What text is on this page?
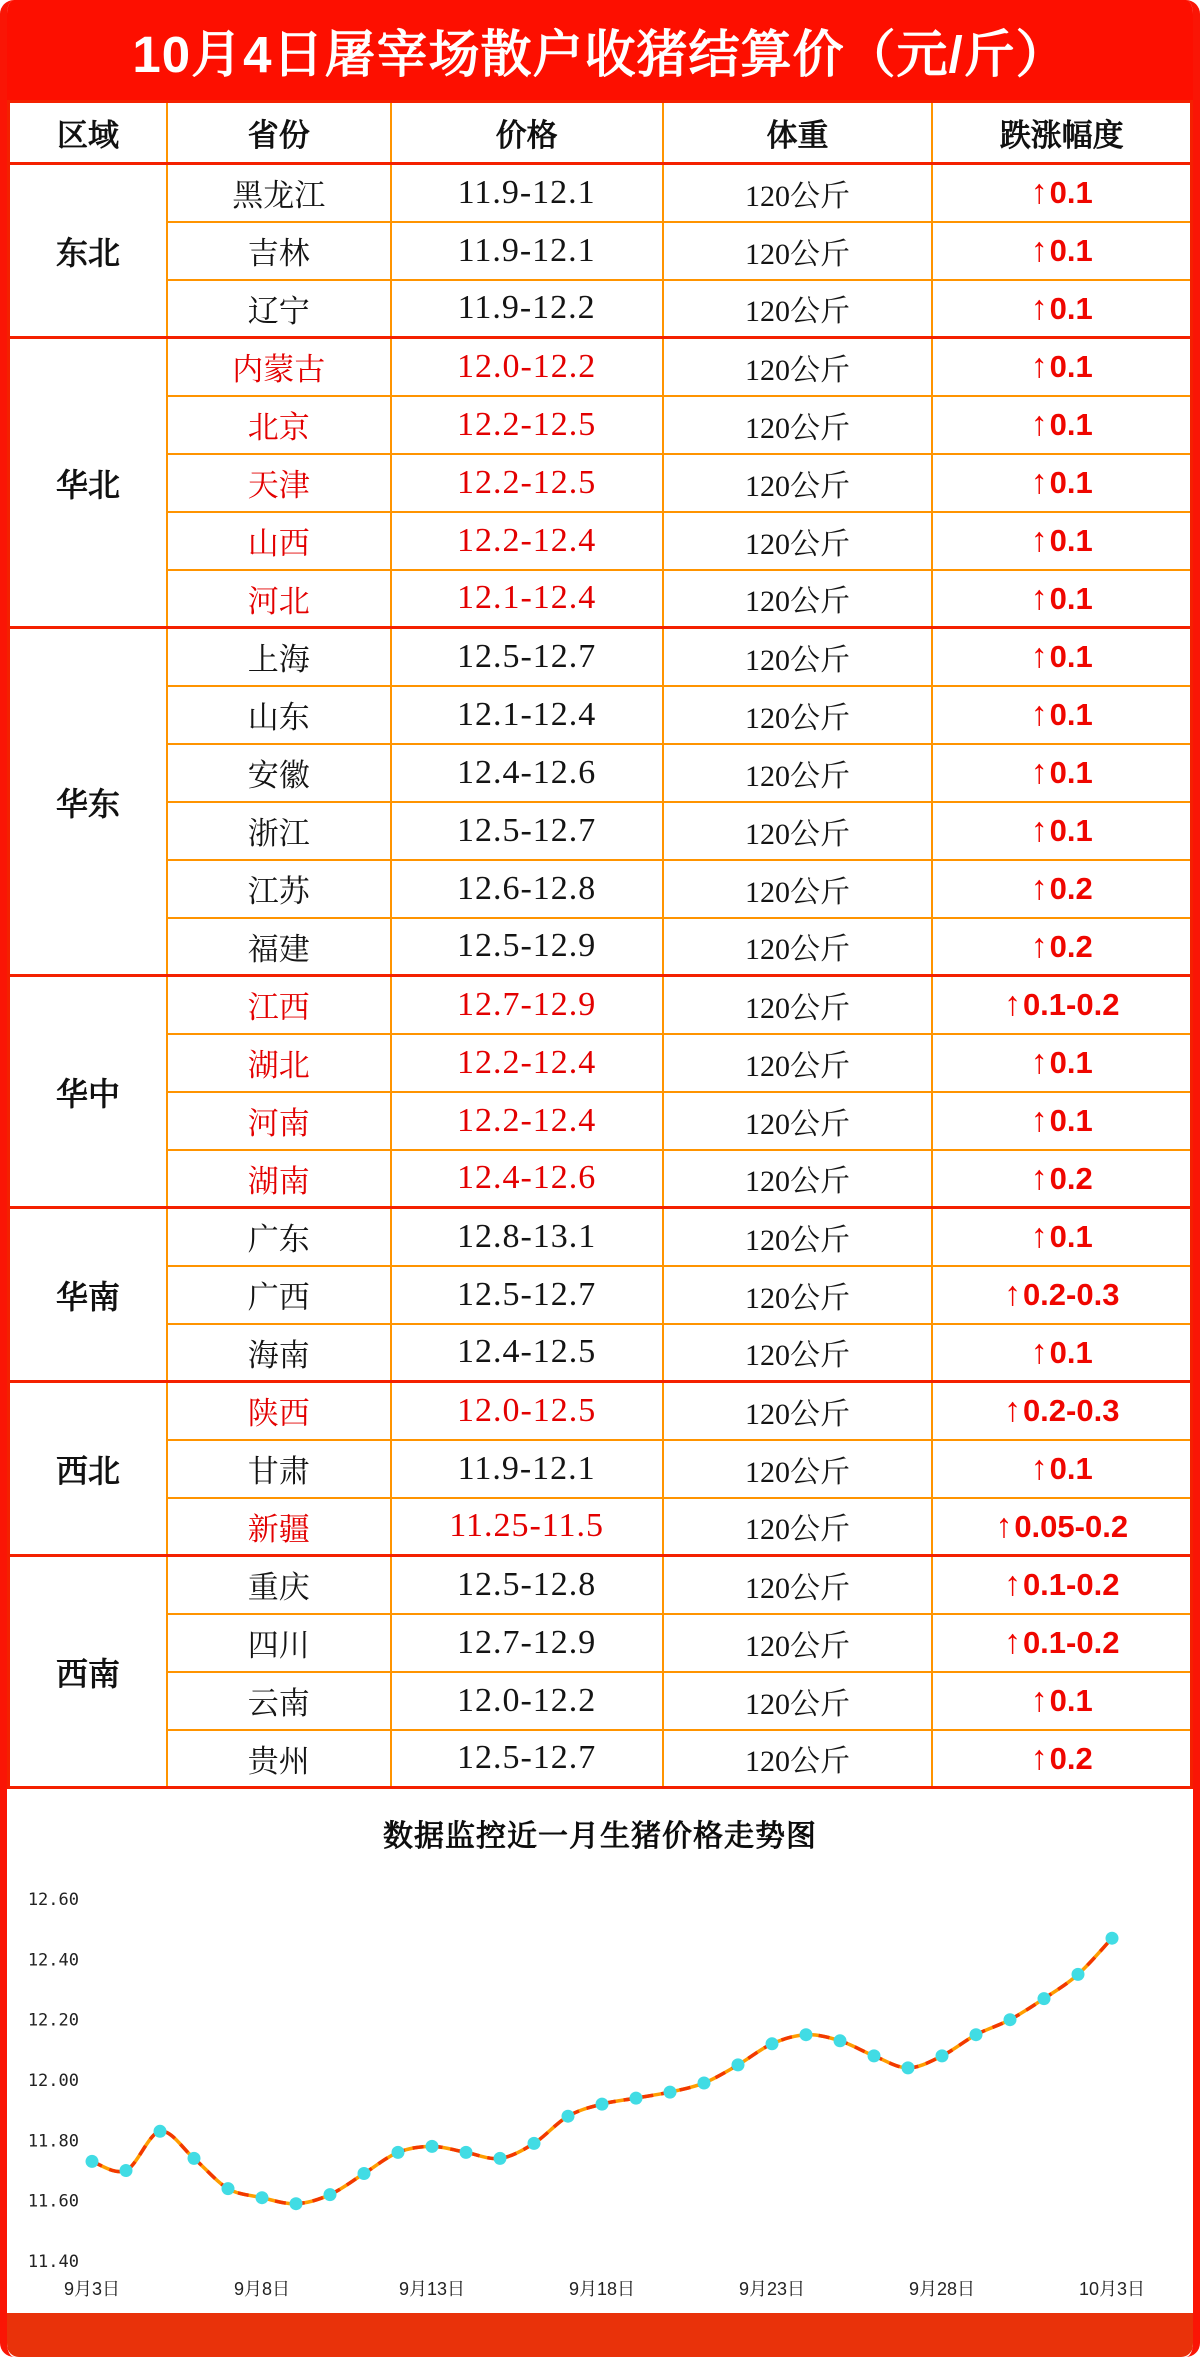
10月4日屠宰场散户收猪结算价（元/斤）
区域	省份	价格	体重	跌涨幅度
东北	黑龙江	11.9-12.1	120公斤	↑0.1
	吉林	11.9-12.1	120公斤	↑0.1
	辽宁	11.9-12.2	120公斤	↑0.1
华北	内蒙古	12.0-12.2	120公斤	↑0.1
	北京	12.2-12.5	120公斤	↑0.1
	天津	12.2-12.5	120公斤	↑0.1
	山西	12.2-12.4	120公斤	↑0.1
	河北	12.1-12.4	120公斤	↑0.1
华东	上海	12.5-12.7	120公斤	↑0.1
	山东	12.1-12.4	120公斤	↑0.1
	安徽	12.4-12.6	120公斤	↑0.1
	浙江	12.5-12.7	120公斤	↑0.1
	江苏	12.6-12.8	120公斤	↑0.2
	福建	12.5-12.9	120公斤	↑0.2
华中	江西	12.7-12.9	120公斤	↑0.1-0.2
	湖北	12.2-12.4	120公斤	↑0.1
	河南	12.2-12.4	120公斤	↑0.1
	湖南	12.4-12.6	120公斤	↑0.2
华南	广东	12.8-13.1	120公斤	↑0.1
	广西	12.5-12.7	120公斤	↑0.2-0.3
	海南	12.4-12.5	120公斤	↑0.1
西北	陕西	12.0-12.5	120公斤	↑0.2-0.3
	甘肃	11.9-12.1	120公斤	↑0.1
	新疆	11.25-11.5	120公斤	↑0.05-0.2
西南	重庆	12.5-12.8	120公斤	↑0.1-0.2
	四川	12.7-12.9	120公斤	↑0.1-0.2
	云南	12.0-12.2	120公斤	↑0.1
	贵州	12.5-12.7	120公斤	↑0.2
数据监控近一月生猪价格走势图
12.60
12.40
12.20
12.00
11.80
11.60
11.40
9月3日	9月8日	9月13日	9月18日	9月23日	9月28日	10月3日
